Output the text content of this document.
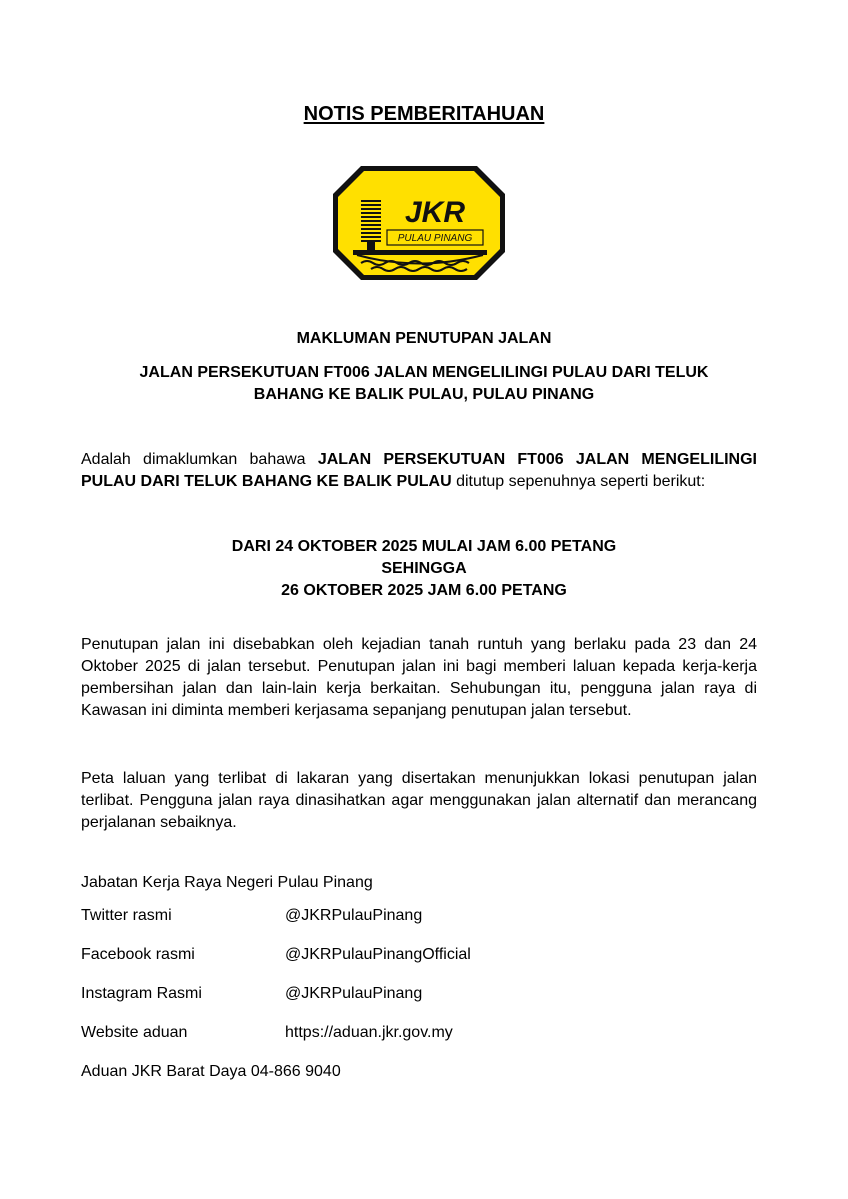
NOTIS PEMBERITAHUAN
JKR
PULAU PINANG
MAKLUMAN PENUTUPAN JALAN
JALAN PERSEKUTUAN FT006 JALAN MENGELILINGI PULAU DARI TELUK
BAHANG KE BALIK PULAU, PULAU PINANG
Adalah dimaklumkan bahawa JALAN PERSEKUTUAN FT006 JALAN MENGELILINGI PULAU DARI TELUK BAHANG KE BALIK PULAU ditutup sepenuhnya seperti berikut:
DARI 24 OKTOBER 2025 MULAI JAM 6.00 PETANG
SEHINGGA
26 OKTOBER 2025 JAM 6.00 PETANG
Penutupan jalan ini disebabkan oleh kejadian tanah runtuh yang berlaku pada 23 dan 24 Oktober 2025 di jalan tersebut. Penutupan jalan ini bagi memberi laluan kepada kerja-kerja pembersihan jalan dan lain-lain kerja berkaitan. Sehubungan itu, pengguna jalan raya di Kawasan ini diminta memberi kerjasama sepanjang penutupan jalan tersebut.
Peta laluan yang terlibat di lakaran yang disertakan menunjukkan lokasi penutupan jalan terlibat. Pengguna jalan raya dinasihatkan agar menggunakan jalan alternatif dan merancang perjalanan sebaiknya.
Jabatan Kerja Raya Negeri Pulau Pinang
Twitter rasmi	@JKRPulauPinang
Facebook rasmi	@JKRPulauPinangOfficial
Instagram Rasmi	@JKRPulauPinang
Website aduan	https://aduan.jkr.gov.my
Aduan JKR Barat Daya 04-866 9040
